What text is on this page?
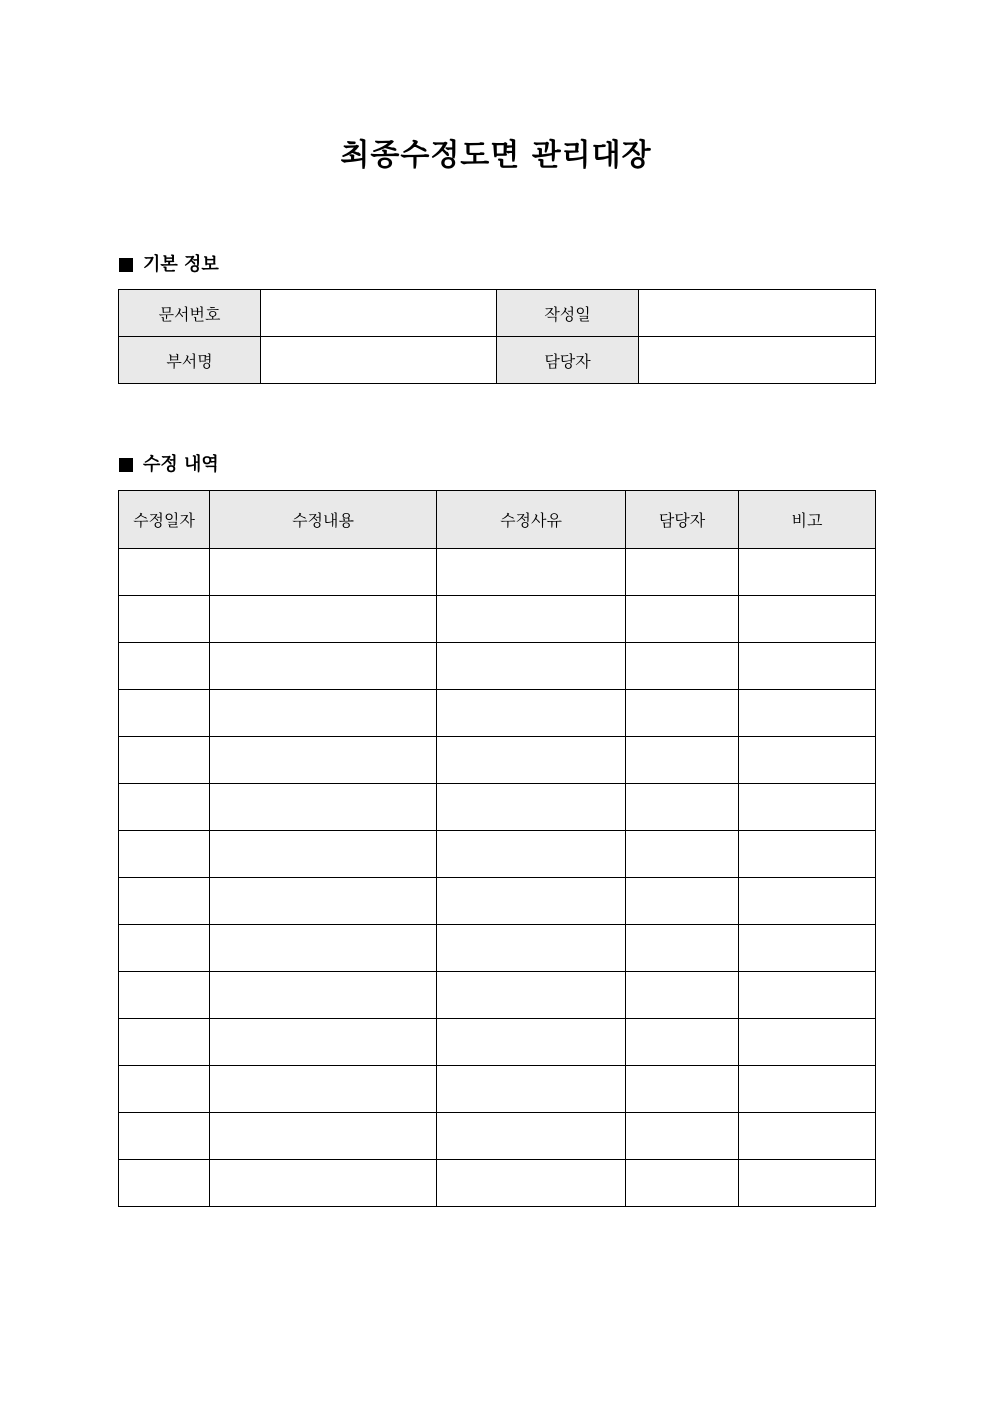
최종수정도면 관리대장
기본 정보
문서번호		작성일	
부서명		담당자	
수정 내역
수정일자	수정내용	수정사유	담당자	비고
